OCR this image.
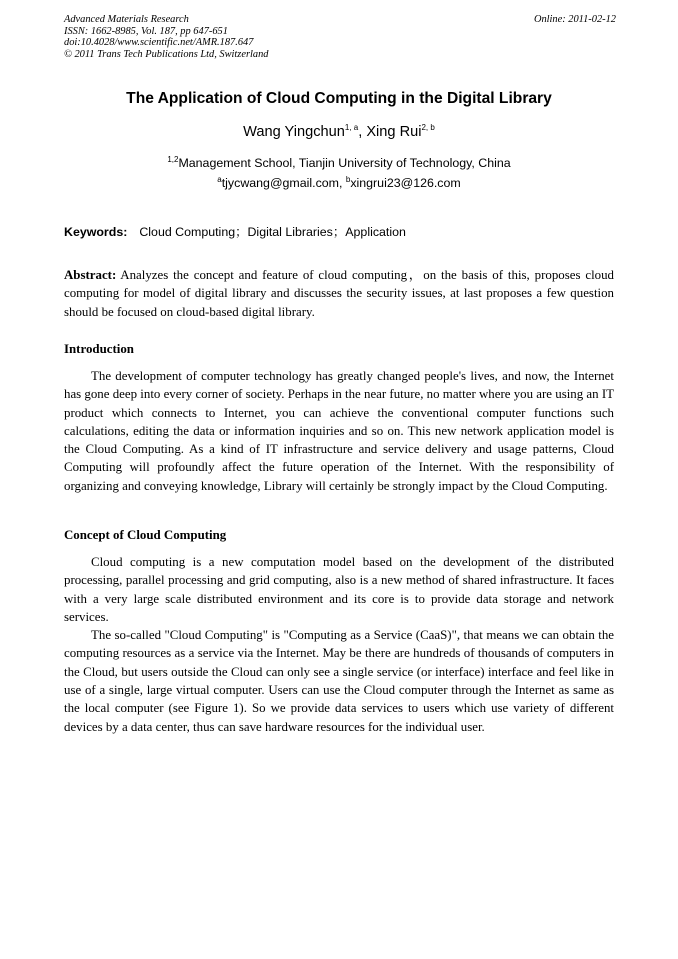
Advanced Materials Research
ISSN: 1662-8985, Vol. 187, pp 647-651
doi:10.4028/www.scientific.net/AMR.187.647
© 2011 Trans Tech Publications Ltd, Switzerland
Online: 2011-02-12
The Application of Cloud Computing in the Digital Library
Wang Yingchun$^{1, a}$, Xing Rui$^{2, b}$
$^{1,2}$Management School, Tianjin University of Technology, China
$^a$tjycwang@gmail.com, $^b$xingrui23@126.com
Keywords: Cloud Computing；Digital Libraries；Application
Abstract: Analyzes the concept and feature of cloud computing，on the basis of this, proposes cloud computing for model of digital library and discusses the security issues, at last proposes a few question should be focused on cloud-based digital library.
Introduction

The development of computer technology has greatly changed people's lives, and now, the Internet has gone deep into every corner of society. Perhaps in the near future, no matter where you are using an IT product which connects to Internet, you can achieve the conventional computer functions such calculations, editing the data or information inquiries and so on. This new network application model is the Cloud Computing. As a kind of IT infrastructure and service delivery and usage patterns, Cloud Computing will profoundly affect the future operation of the Internet. With the responsibility of organizing and conveying knowledge, Library will certainly be strongly impact by the Cloud Computing.

Concept of Cloud Computing

Cloud computing is a new computation model based on the development of the distributed processing, parallel processing and grid computing, also is a new method of shared infrastructure. It faces with a very large scale distributed environment and its core is to provide data storage and network services.

The so-called "Cloud Computing" is "Computing as a Service (CaaS)", that means we can obtain the computing resources as a service via the Internet. May be there are hundreds of thousands of computers in the Cloud, but users outside the Cloud can only see a single service (or interface) interface and feel like in use of a single, large virtual computer. Users can use the Cloud computer through the Internet as same as the local computer (see Figure 1). So we provide data services to users which use variety of different devices by a data center, thus can save hardware resources for the individual user.
